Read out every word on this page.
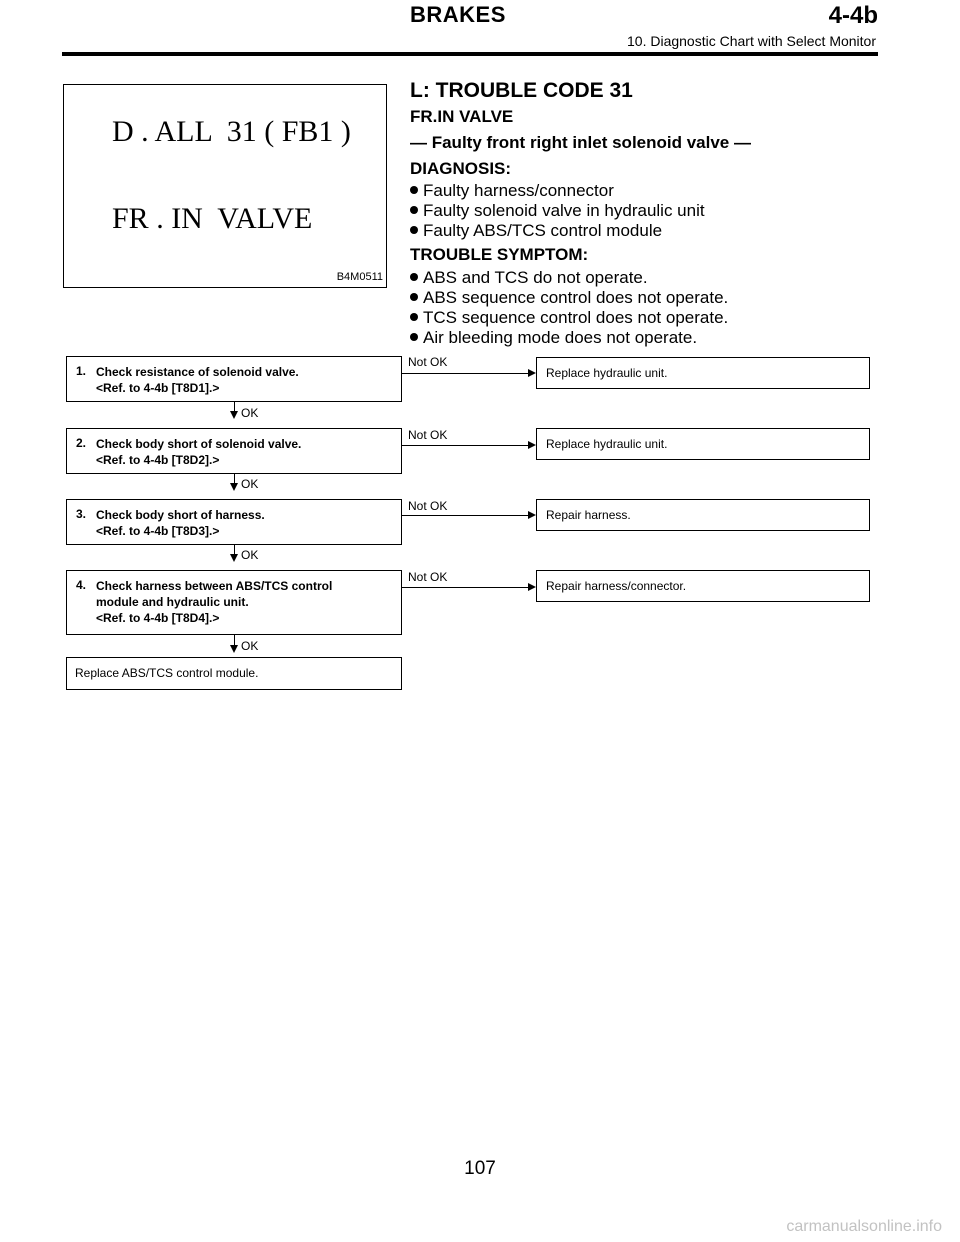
BRAKES	4-4b
10. Diagnostic Chart with Select Monitor
D . ALL  31 ( FB1 )
FR . IN  VALVE
B4M0511
L: TROUBLE CODE 31
FR.IN VALVE
— Faulty front right inlet solenoid valve —
DIAGNOSIS:
Faulty harness/connector
Faulty solenoid valve in hydraulic unit
Faulty ABS/TCS control module
TROUBLE SYMPTOM:
ABS and TCS do not operate.
ABS sequence control does not operate.
TCS sequence control does not operate.
Air bleeding mode does not operate.
1. Check resistance of solenoid valve.
<Ref. to 4-4b [T8D1].>
Not OK
Replace hydraulic unit.
OK
2. Check body short of solenoid valve.
<Ref. to 4-4b [T8D2].>
Not OK
Replace hydraulic unit.
OK
3. Check body short of harness.
<Ref. to 4-4b [T8D3].>
Not OK
Repair harness.
OK
4. Check harness between ABS/TCS control
module and hydraulic unit.
<Ref. to 4-4b [T8D4].>
Not OK
Repair harness/connector.
OK
Replace ABS/TCS control module.
107
carmanualsonline.info
